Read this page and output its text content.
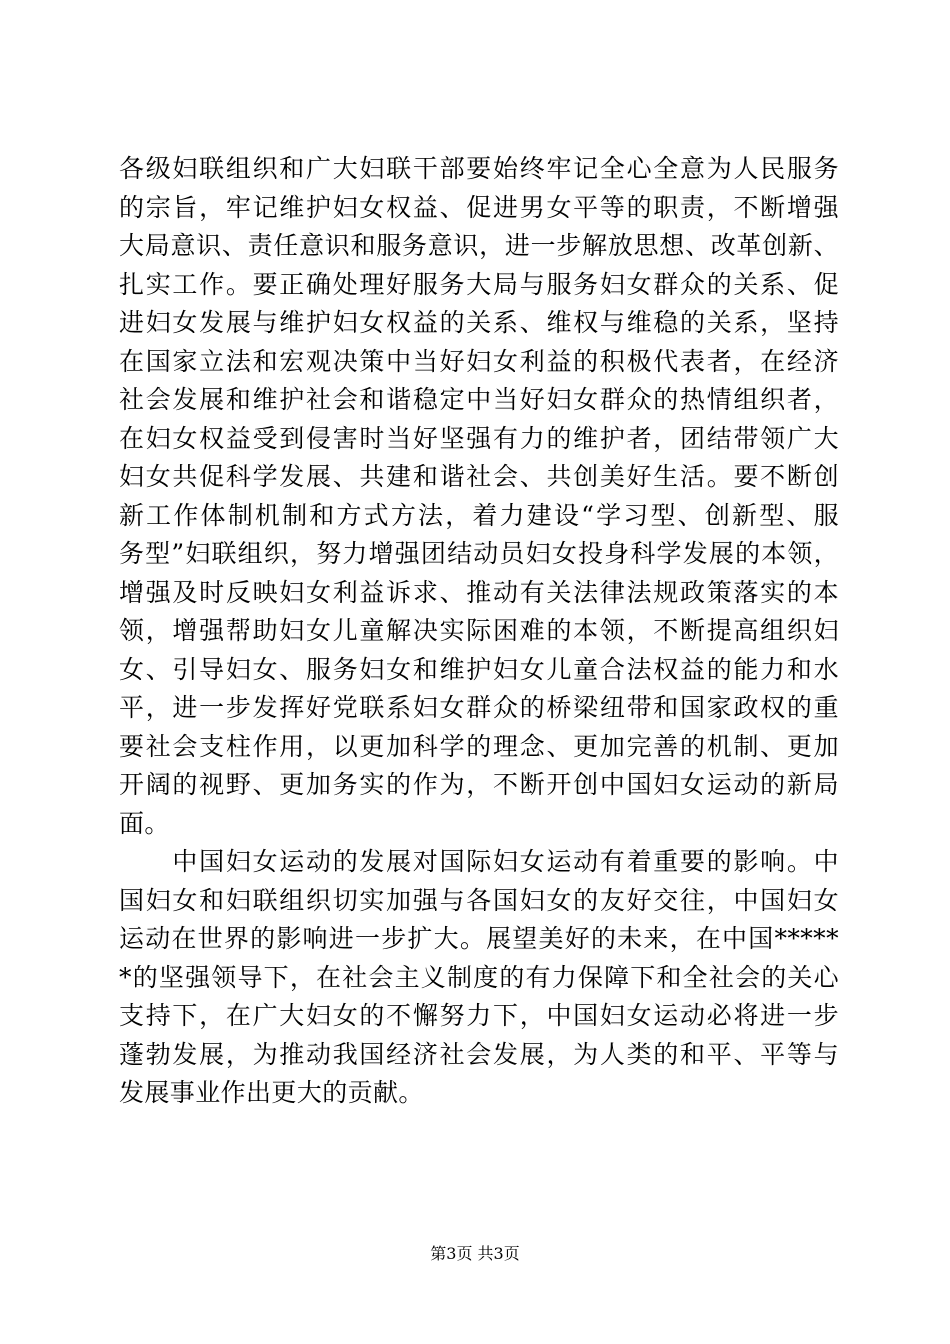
各级妇联组织和广大妇联干部要始终牢记全心全意为人民服务
的宗旨，牢记维护妇女权益、促进男女平等的职责，不断增强
大局意识、责任意识和服务意识，进一步解放思想、改革创新、
扎实工作。要正确处理好服务大局与服务妇女群众的关系、促
进妇女发展与维护妇女权益的关系、维权与维稳的关系，坚持
在国家立法和宏观决策中当好妇女利益的积极代表者，在经济
社会发展和维护社会和谐稳定中当好妇女群众的热情组织者，
在妇女权益受到侵害时当好坚强有力的维护者，团结带领广大
妇女共促科学发展、共建和谐社会、共创美好生活。要不断创
新工作体制机制和方式方法，着力建设“学习型、创新型、服
务型”妇联组织，努力增强团结动员妇女投身科学发展的本领，
增强及时反映妇女利益诉求、推动有关法律法规政策落实的本
领，增强帮助妇女儿童解决实际困难的本领，不断提高组织妇
女、引导妇女、服务妇女和维护妇女儿童合法权益的能力和水
平，进一步发挥好党联系妇女群众的桥梁纽带和国家政权的重
要社会支柱作用，以更加科学的理念、更加完善的机制、更加
开阔的视野、更加务实的作为，不断开创中国妇女运动的新局
面。
　　中国妇女运动的发展对国际妇女运动有着重要的影响。中
国妇女和妇联组织切实加强与各国妇女的友好交往，中国妇女
运动在世界的影响进一步扩大。展望美好的未来，在中国*****
*的坚强领导下，在社会主义制度的有力保障下和全社会的关心
支持下，在广大妇女的不懈努力下，中国妇女运动必将进一步
蓬勃发展，为推动我国经济社会发展，为人类的和平、平等与
发展事业作出更大的贡献。
第3页 共3页
